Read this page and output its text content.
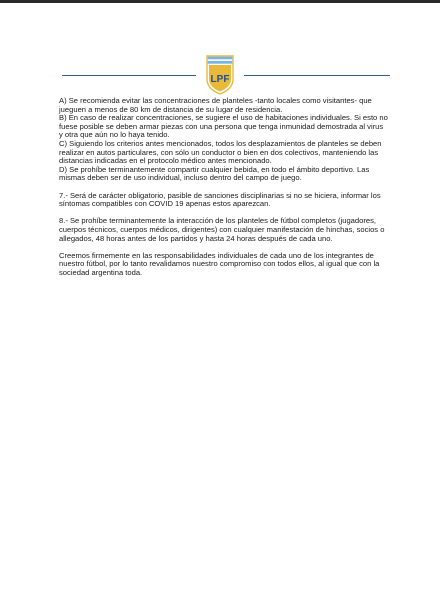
LPF

A) Se recomienda evitar las concentraciones de planteles -tanto locales como visitantes- que jueguen a menos de 80 km de distancia de su lugar de residencia.

B) En caso de realizar concentraciones, se sugiere el uso de habitaciones individuales. Si esto no fuese posible se deben armar piezas con una persona que tenga inmunidad demostrada al virus y otra que aún no lo haya tenido.

C) Siguiendo los criterios antes mencionados, todos los desplazamientos de planteles se deben realizar en autos particulares, con sólo un conductor o bien en dos colectivos, manteniendo las distancias indicadas en el protocolo médico antes mencionado.

D) Se prohíbe terminantemente compartir cualquier bebida, en todo el ámbito deportivo. Las mismas deben ser de uso individual, incluso dentro del campo de juego.

7.- Será de carácter obligatorio, pasible de sanciones disciplinarias si no se hiciera, informar los síntomas compatibles con COVID 19 apenas estos aparezcan.

8.- Se prohíbe terminantemente la interacción de los planteles de fútbol completos (jugadores, cuerpos técnicos, cuerpos médicos, dirigentes) con cualquier manifestación de hinchas, socios o allegados, 48 horas antes de los partidos y hasta 24 horas después de cada uno.

Creemos firmemente en las responsabilidades individuales de cada uno de los integrantes de nuestro fútbol, por lo tanto revalidamos nuestro compromiso con todos ellos, al igual que con la sociedad argentina toda.
